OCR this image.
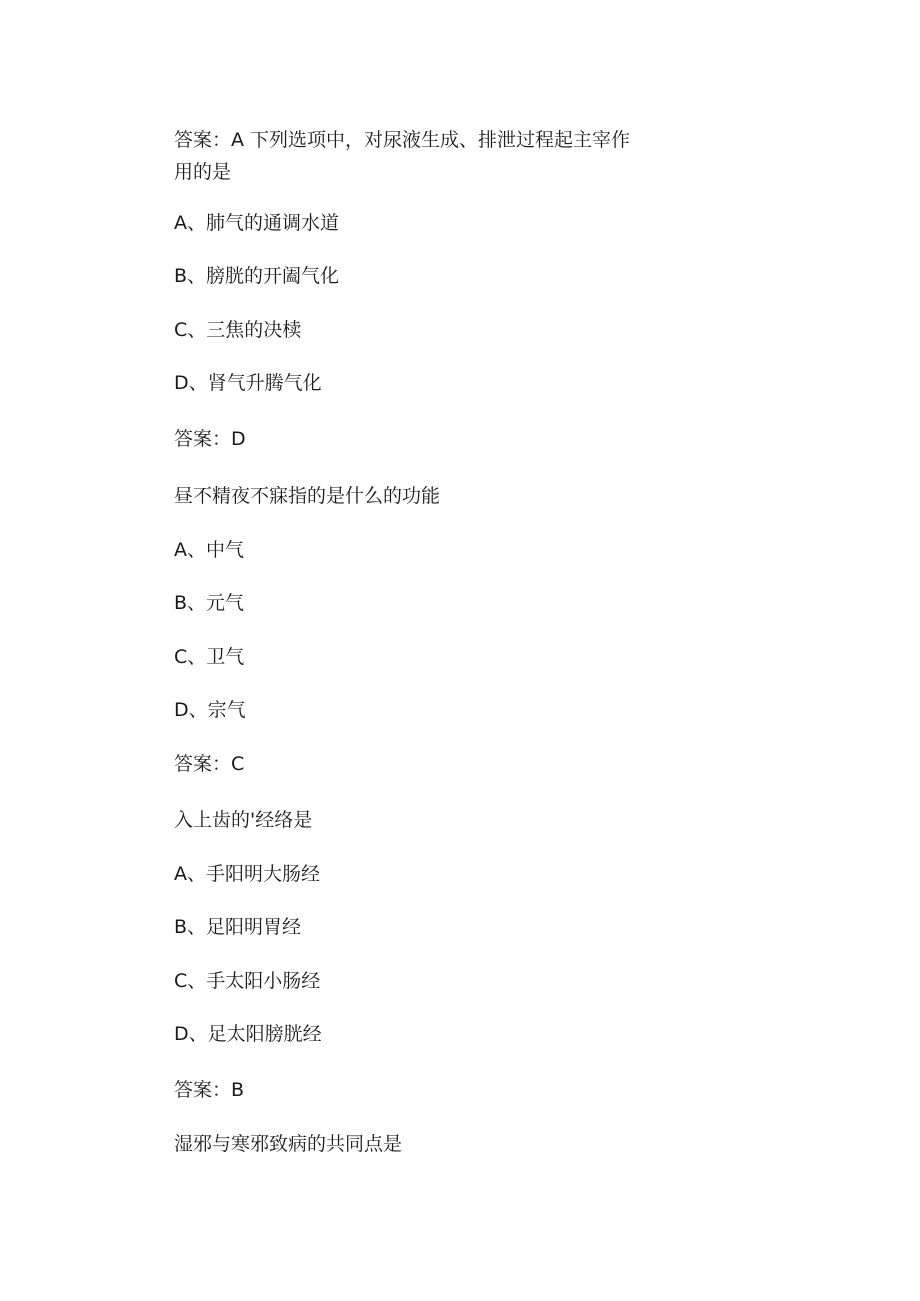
答案：A 下列选项中，对尿液生成、排泄过程起主宰作用的是
A、肺气的通调水道
B、膀胱的开阖气化
C、三焦的决椟
D、肾气升腾气化
答案：D
昼不精夜不寐指的是什么的功能
A、中气
B、元气
C、卫气
D、宗气
答案：C
入上齿的'经络是
A、手阳明大肠经
B、足阳明胃经
C、手太阳小肠经
D、足太阳膀胱经
答案：B
湿邪与寒邪致病的共同点是
